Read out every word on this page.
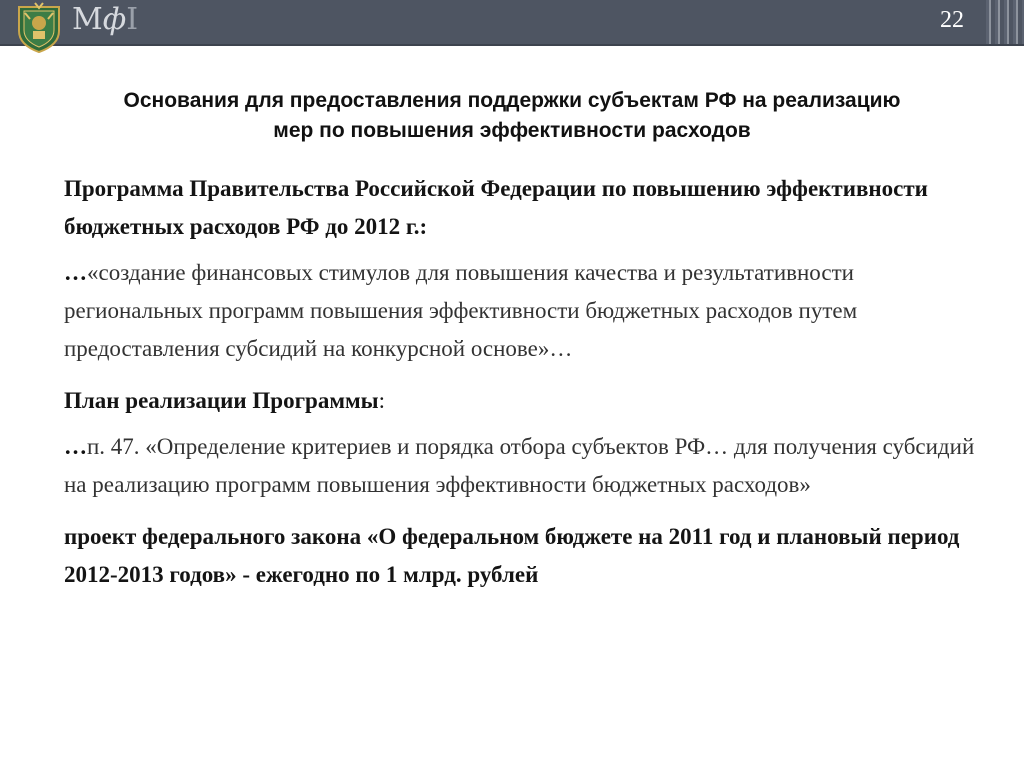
МфI	22
Основания для предоставления поддержки субъектам РФ на реализацию
мер по повышения эффективности расходов

Программа Правительства Российской Федерации по повышению эффективности бюджетных расходов РФ до 2012 г.:

…«создание финансовых стимулов для повышения качества и результативности региональных программ повышения эффективности бюджетных расходов путем предоставления субсидий на конкурсной основе»…

План реализации Программы:

…п. 47. «Определение критериев и порядка отбора субъектов РФ… для получения субсидий на реализацию программ повышения эффективности бюджетных расходов»

проект федерального закона «О федеральном бюджете на 2011 год и плановый период 2012-2013 годов» - ежегодно по 1 млрд. рублей
